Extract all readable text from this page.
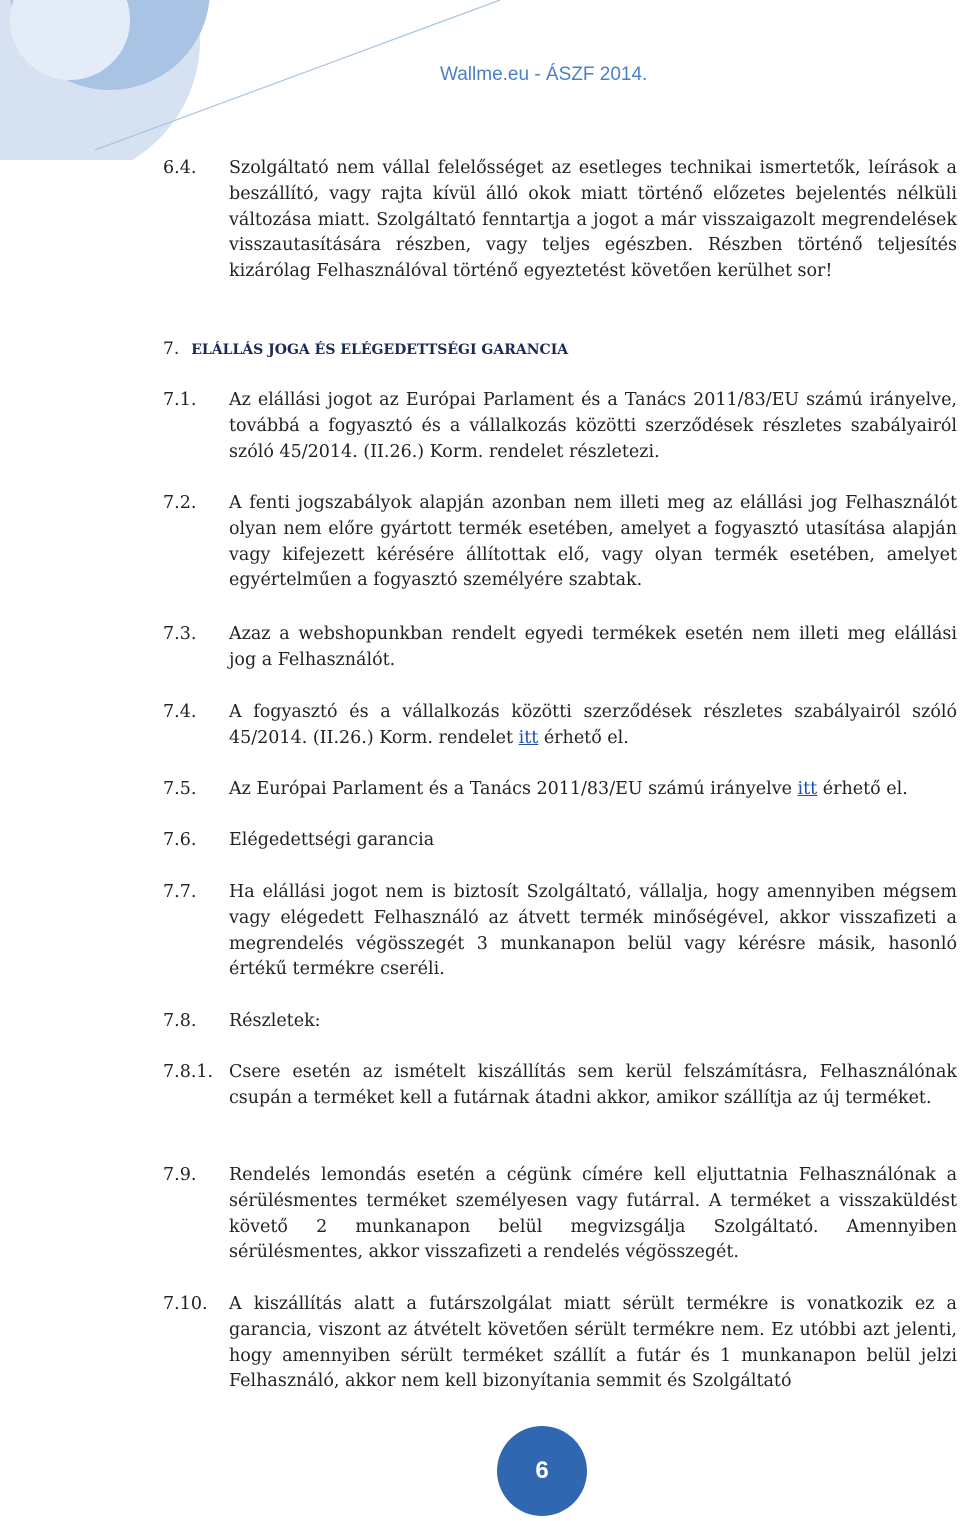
Wallme.eu - ÁSZF 2014.
6.4. Szolgáltató nem vállal felelősséget az esetleges technikai ismertetők, leírások a beszállító, vagy rajta kívül álló okok miatt történő előzetes bejelentés nélküli változása miatt. Szolgáltató fenntartja a jogot a már visszaigazolt megrendelések visszautasítására részben, vagy teljes egészben. Részben történő teljesítés kizárólag Felhasználóval történő egyeztetést követően kerülhet sor!
7. ELÁLLÁS JOGA ÉS ELÉGEDETTSÉGI GARANCIA
7.1. Az elállási jogot az Európai Parlament és a Tanács 2011/83/EU számú irányelve, továbbá a fogyasztó és a vállalkozás közötti szerződések részletes szabályairól szóló 45/2014. (II.26.) Korm. rendelet részletezi.
7.2. A fenti jogszabályok alapján azonban nem illeti meg az elállási jog Felhasználót olyan nem előre gyártott termék esetében, amelyet a fogyasztó utasítása alapján vagy kifejezett kérésére állítottak elő, vagy olyan termék esetében, amelyet egyértelműen a fogyasztó személyére szabtak.
7.3. Azaz a webshopunkban rendelt egyedi termékek esetén nem illeti meg elállási jog a Felhasználót.
7.4. A fogyasztó és a vállalkozás közötti szerződések részletes szabályairól szóló 45/2014. (II.26.) Korm. rendelet itt érhető el.
7.5. Az Európai Parlament és a Tanács 2011/83/EU számú irányelve itt érhető el.
7.6. Elégedettségi garancia
7.7. Ha elállási jogot nem is biztosít Szolgáltató, vállalja, hogy amennyiben mégsem vagy elégedett Felhasználó az átvett termék minőségével, akkor visszafizeti a megrendelés végösszegét 3 munkanapon belül vagy kérésre másik, hasonló értékű termékre cseréli.
7.8. Részletek:
7.8.1. Csere esetén az ismételt kiszállítás sem kerül felszámításra, Felhasználónak csupán a terméket kell a futárnak átadni akkor, amikor szállítja az új terméket.
7.9. Rendelés lemondás esetén a cégünk címére kell eljuttatnia Felhasználónak a sérülésmentes terméket személyesen vagy futárral. A terméket a visszaküldést követő 2 munkanapon belül megvizsgálja Szolgáltató. Amennyiben sérülésmentes, akkor visszafizeti a rendelés végösszegét.
7.10. A kiszállítás alatt a futárszolgálat miatt sérült termékre is vonatkozik ez a garancia, viszont az átvételt követően sérült termékre nem. Ez utóbbi azt jelenti, hogy amennyiben sérült terméket szállít a futár és 1 munkanapon belül jelzi Felhasználó, akkor nem kell bizonyítania semmit és Szolgáltató
6
